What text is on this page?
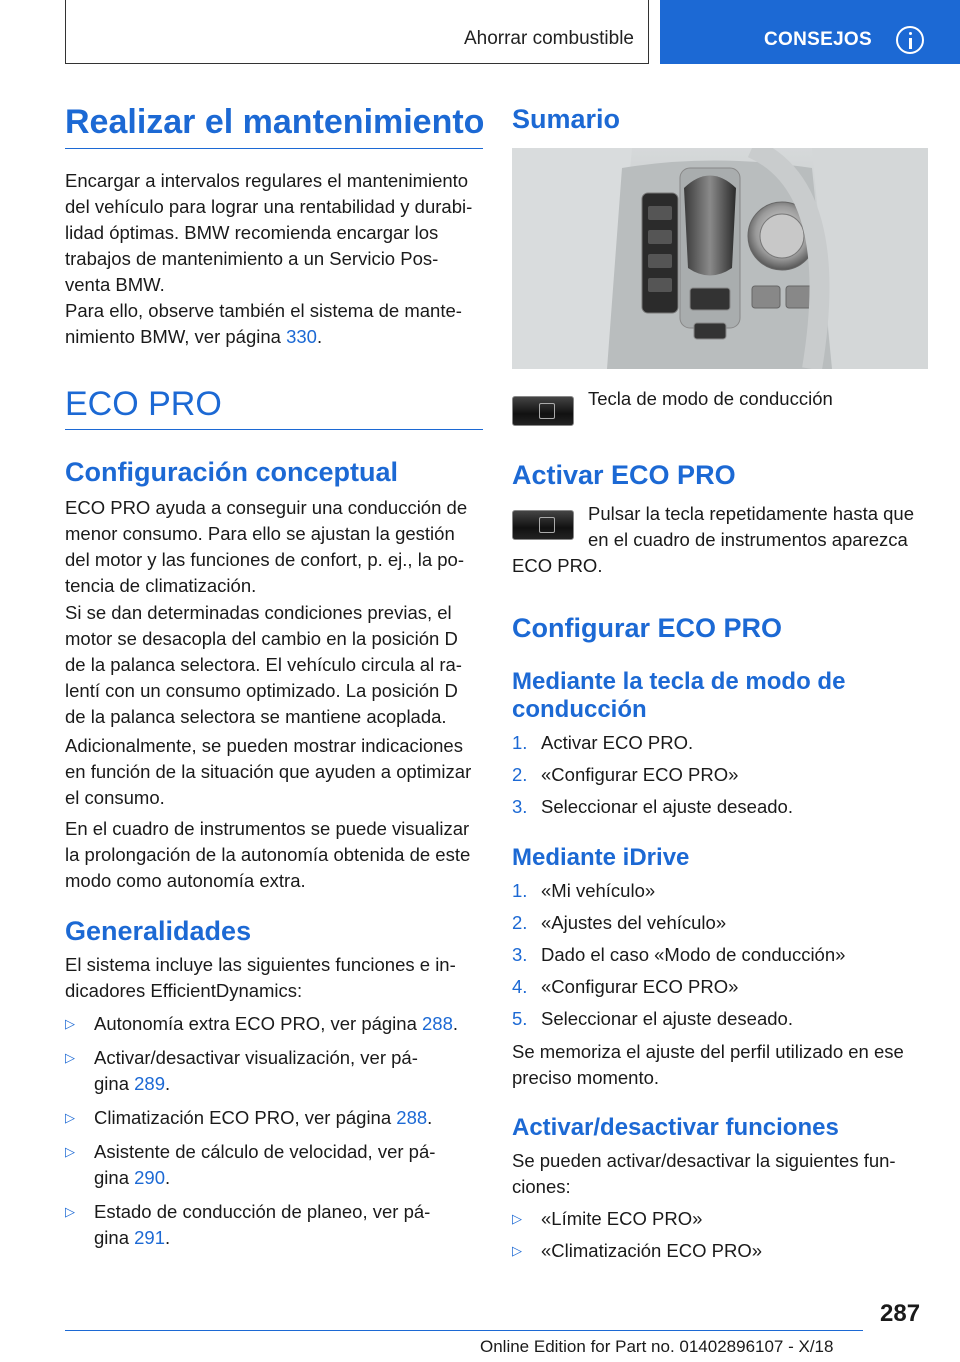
Ahorrar combustible	CONSEJOS
Realizar el mantenimiento
Encargar a intervalos regulares el mantenimiento
del vehículo para lograr una rentabilidad y durabi-
lidad óptimas. BMW recomienda encargar los
trabajos de mantenimiento a un Servicio Pos-
venta BMW.
Para ello, observe también el sistema de mante-
nimiento BMW, ver página 330.
ECO PRO
Configuración conceptual
ECO PRO ayuda a conseguir una conducción de
menor consumo. Para ello se ajustan la gestión
del motor y las funciones de confort, p. ej., la po-
tencia de climatización.
Si se dan determinadas condiciones previas, el
motor se desacopla del cambio en la posición D
de la palanca selectora. El vehículo circula al ra-
lentí con un consumo optimizado. La posición D
de la palanca selectora se mantiene acoplada.
Adicionalmente, se pueden mostrar indicaciones
en función de la situación que ayuden a optimizar
el consumo.
En el cuadro de instrumentos se puede visualizar
la prolongación de la autonomía obtenida de este
modo como autonomía extra.
Generalidades
El sistema incluye las siguientes funciones e in-
dicadores EfficientDynamics:
▷ Autonomía extra ECO PRO, ver página 288.
▷ Activar/desactivar visualización, ver pá-
gina 289.
▷ Climatización ECO PRO, ver página 288.
▷ Asistente de cálculo de velocidad, ver pá-
gina 290.
▷ Estado de conducción de planeo, ver pá-
gina 291.
Sumario
Tecla de modo de conducción
Activar ECO PRO
Pulsar la tecla repetidamente hasta que
en el cuadro de instrumentos aparezca
ECO PRO.
Configurar ECO PRO
Mediante la tecla de modo de
conducción
1. Activar ECO PRO.
2. «Configurar ECO PRO»
3. Seleccionar el ajuste deseado.
Mediante iDrive
1. «Mi vehículo»
2. «Ajustes del vehículo»
3. Dado el caso «Modo de conducción»
4. «Configurar ECO PRO»
5. Seleccionar el ajuste deseado.
Se memoriza el ajuste del perfil utilizado en ese
preciso momento.
Activar/desactivar funciones
Se pueden activar/desactivar la siguientes fun-
ciones:
▷ «Límite ECO PRO»
▷ «Climatización ECO PRO»
287
Online Edition for Part no. 01402896107 - X/18
